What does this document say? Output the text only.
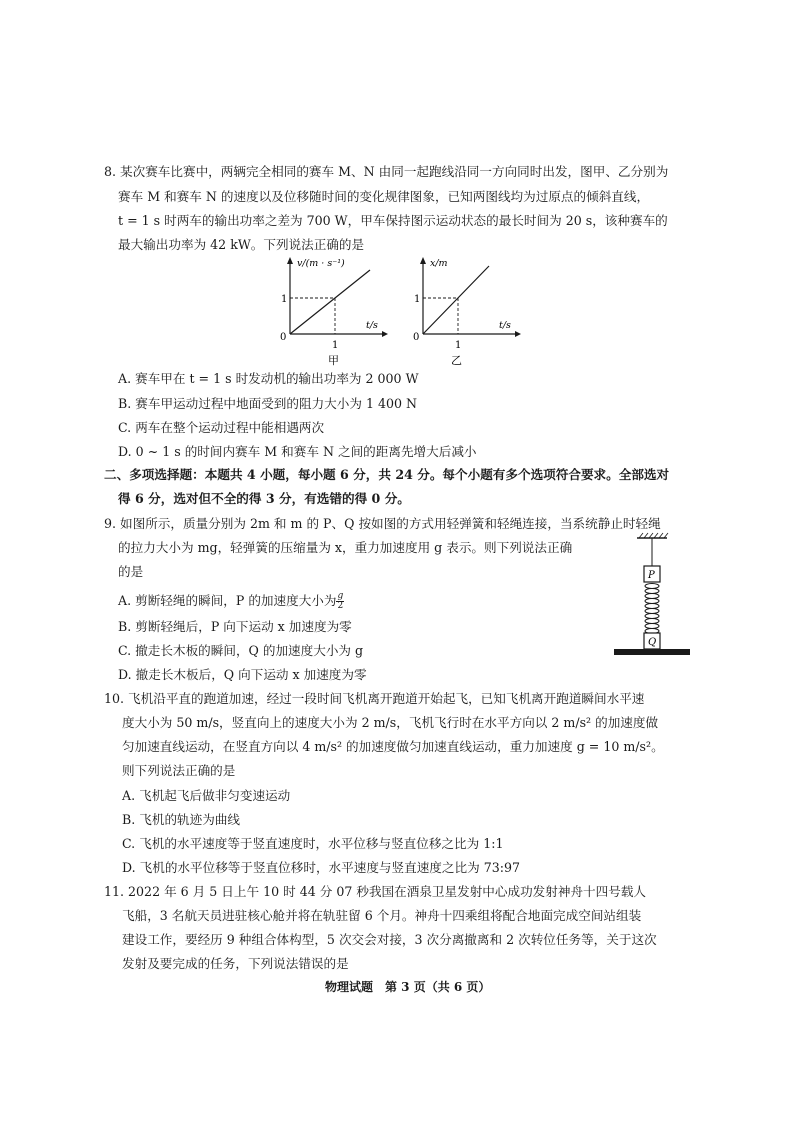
8. 某次赛车比赛中，两辆完全相同的赛车 M、N 由同一起跑线沿同一方向同时出发，图甲、乙分别为
赛车 M 和赛车 N 的速度以及位移随时间的变化规律图象，已知两图线均为过原点的倾斜直线，
t = 1 s 时两车的输出功率之差为 700 W，甲车保持图示运动状态的最长时间为 20 s，该种赛车的
最大输出功率为 42 kW。下列说法正确的是
v/(m · s⁻¹)
t/s
1
1
0
甲
x/m
t/s
1
1
0
乙
A. 赛车甲在 t = 1 s 时发动机的输出功率为 2 000 W
B. 赛车甲运动过程中地面受到的阻力大小为 1 400 N
C. 两车在整个运动过程中能相遇两次
D. 0 ~ 1 s 的时间内赛车 M 和赛车 N 之间的距离先增大后减小
二、多项选择题：本题共 4 小题，每小题 6 分，共 24 分。每个小题有多个选项符合要求。全部选对
得 6 分，选对但不全的得 3 分，有选错的得 0 分。
9. 如图所示，质量分别为 2m 和 m 的 P、Q 按如图的方式用轻弹簧和轻绳连接，当系统静止时轻绳
的拉力大小为 mg，轻弹簧的压缩量为 x，重力加速度用 g 表示。则下列说法正确
的是
A. 剪断轻绳的瞬间，P 的加速度大小为 $\frac{g}{2}$
B. 剪断轻绳后，P 向下运动 x 加速度为零
C. 撤走长木板的瞬间，Q 的加速度大小为 g
D. 撤走长木板后，Q 向下运动 x 加速度为零
P
Q
10. 飞机沿平直的跑道加速，经过一段时间飞机离开跑道开始起飞，已知飞机离开跑道瞬间水平速
度大小为 50 m/s，竖直向上的速度大小为 2 m/s，飞机飞行时在水平方向以 2 m/s² 的加速度做
匀加速直线运动，在竖直方向以 4 m/s² 的加速度做匀加速直线运动，重力加速度 g = 10 m/s²。
则下列说法正确的是
A. 飞机起飞后做非匀变速运动
B. 飞机的轨迹为曲线
C. 飞机的水平速度等于竖直速度时，水平位移与竖直位移之比为 1:1
D. 飞机的水平位移等于竖直位移时，水平速度与竖直速度之比为 73:97
11. 2022 年 6 月 5 日上午 10 时 44 分 07 秒我国在酒泉卫星发射中心成功发射神舟十四号载人
飞船，3 名航天员进驻核心舱并将在轨驻留 6 个月。神舟十四乘组将配合地面完成空间站组装
建设工作，要经历 9 种组合体构型，5 次交会对接，3 次分离撤离和 2 次转位任务等，关于这次
发射及要完成的任务，下列说法错误的是
物理试题　第 3 页（共 6 页）
